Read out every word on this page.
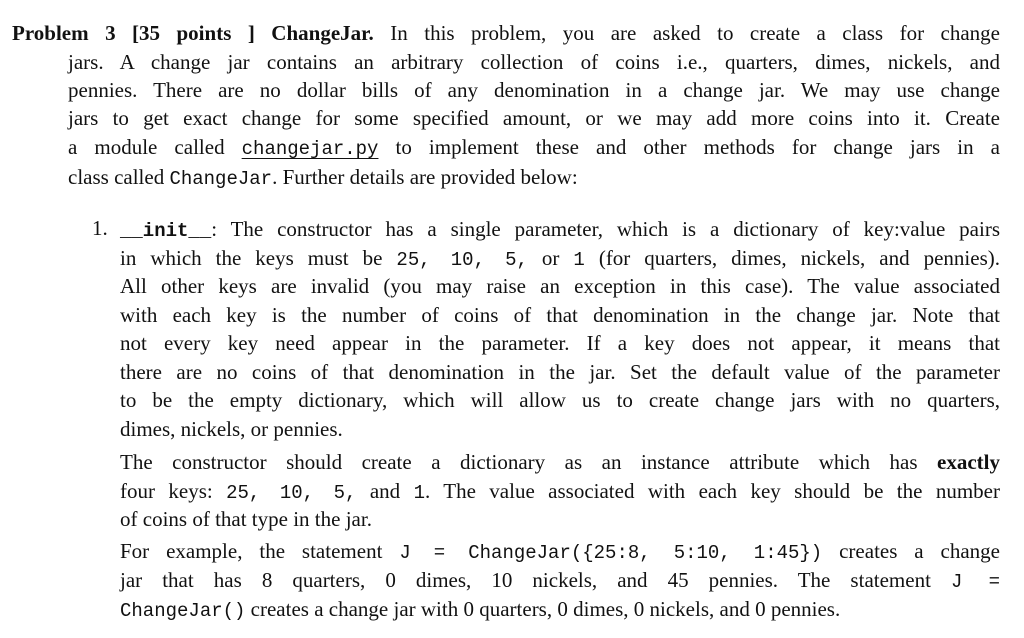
1.
Problem 3 [35 points ] ChangeJar. In this problem, you are asked to create a class for change
jars. A change jar contains an arbitrary collection of coins i.e., quarters, dimes, nickels, and
pennies. There are no dollar bills of any denomination in a change jar. We may use change
jars to get exact change for some specified amount, or we may add more coins into it. Create
a module called changejar.py to implement these and other methods for change jars in a
class called ChangeJar. Further details are provided below:
__init__: The constructor has a single parameter, which is a dictionary of key:value pairs
in which the keys must be 25, 10, 5, or 1 (for quarters, dimes, nickels, and pennies).
All other keys are invalid (you may raise an exception in this case). The value associated
with each key is the number of coins of that denomination in the change jar. Note that
not every key need appear in the parameter. If a key does not appear, it means that
there are no coins of that denomination in the jar. Set the default value of the parameter
to be the empty dictionary, which will allow us to create change jars with no quarters,
dimes, nickels, or pennies.
The constructor should create a dictionary as an instance attribute which has exactly
four keys: 25, 10, 5, and 1. The value associated with each key should be the number
of coins of that type in the jar.
For example, the statement J = ChangeJar({25:8, 5:10, 1:45}) creates a change
jar that has 8 quarters, 0 dimes, 10 nickels, and 45 pennies. The statement J =
ChangeJar() creates a change jar with 0 quarters, 0 dimes, 0 nickels, and 0 pennies.
